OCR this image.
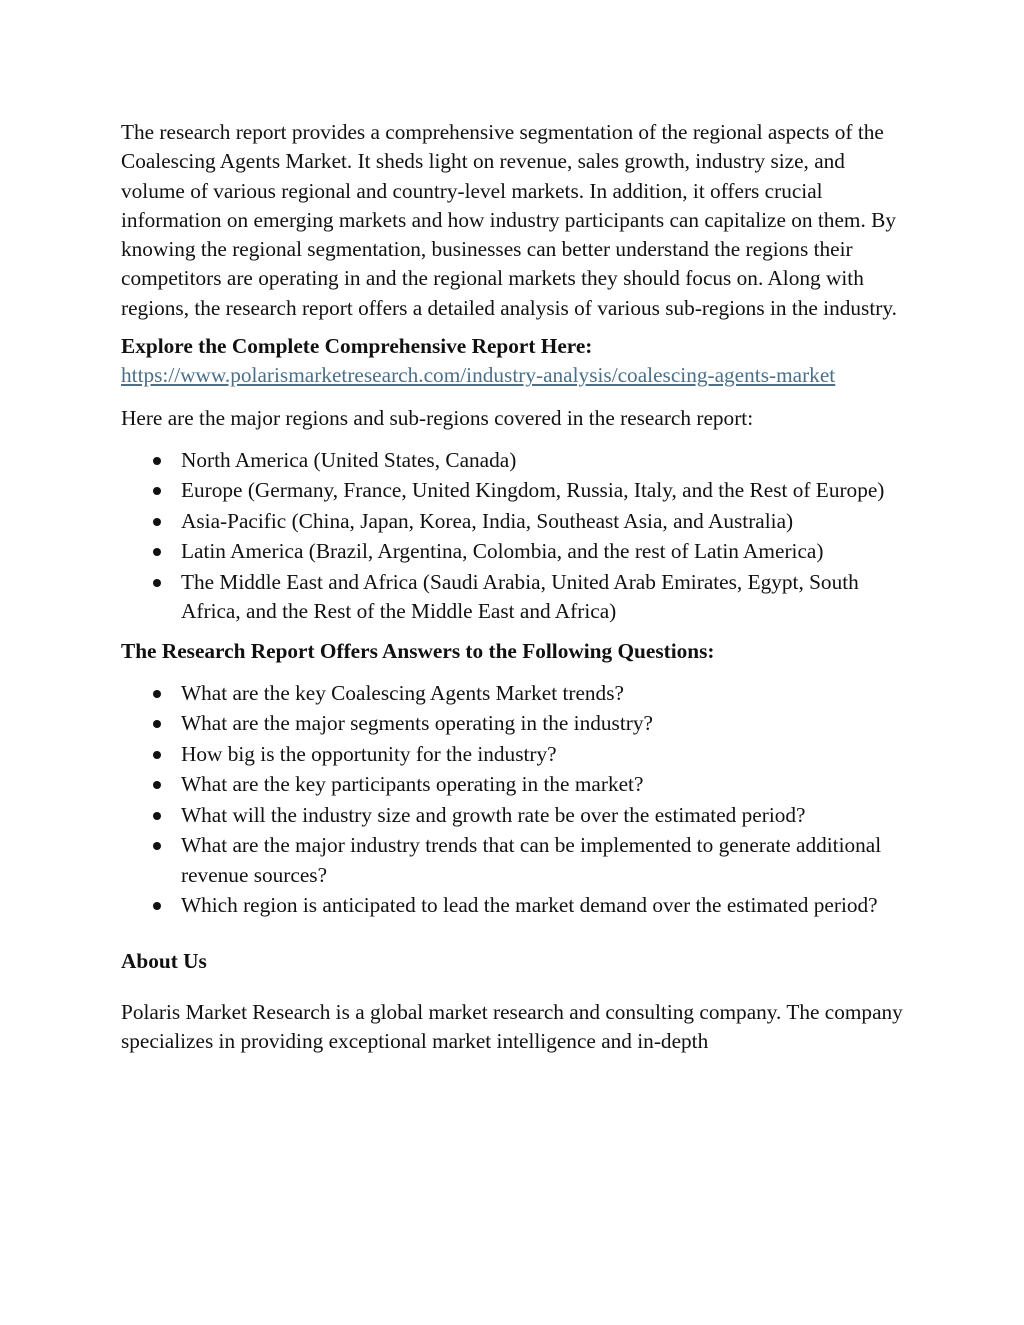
The research report provides a comprehensive segmentation of the regional aspects of the Coalescing Agents Market. It sheds light on revenue, sales growth, industry size, and volume of various regional and country-level markets. In addition, it offers crucial information on emerging markets and how industry participants can capitalize on them. By knowing the regional segmentation, businesses can better understand the regions their competitors are operating in and the regional markets they should focus on. Along with regions, the research report offers a detailed analysis of various sub-regions in the industry.

Explore the Complete Comprehensive Report Here:

https://www.polarismarketresearch.com/industry-analysis/coalescing-agents-market

Here are the major regions and sub-regions covered in the research report:

North America (United States, Canada)
Europe (Germany, France, United Kingdom, Russia, Italy, and the Rest of Europe)
Asia-Pacific (China, Japan, Korea, India, Southeast Asia, and Australia)
Latin America (Brazil, Argentina, Colombia, and the rest of Latin America)
The Middle East and Africa (Saudi Arabia, United Arab Emirates, Egypt, South Africa, and the Rest of the Middle East and Africa)

The Research Report Offers Answers to the Following Questions:

What are the key Coalescing Agents Market trends?
What are the major segments operating in the industry?
How big is the opportunity for the industry?
What are the key participants operating in the market?
What will the industry size and growth rate be over the estimated period?
What are the major industry trends that can be implemented to generate additional revenue sources?
Which region is anticipated to lead the market demand over the estimated period?

About Us

Polaris Market Research is a global market research and consulting company. The company specializes in providing exceptional market intelligence and in-depth
